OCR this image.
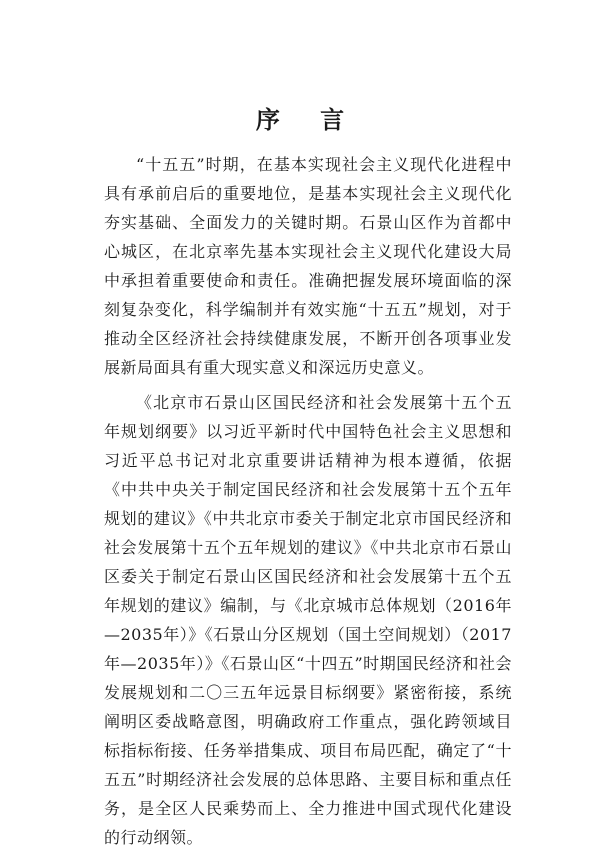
序 言

“十五五”时期，在基本实现社会主义现代化进程中具有承前启后的重要地位，是基本实现社会主义现代化夯实基础、全面发力的关键时期。石景山区作为首都中心城区，在北京率先基本实现社会主义现代化建设大局中承担着重要使命和责任。准确把握发展环境面临的深刻复杂变化，科学编制并有效实施“十五五”规划，对于推动全区经济社会持续健康发展，不断开创各项事业发展新局面具有重大现实意义和深远历史意义。

《北京市石景山区国民经济和社会发展第十五个五年规划纲要》以习近平新时代中国特色社会主义思想和习近平总书记对北京重要讲话精神为根本遵循，依据《中共中央关于制定国民经济和社会发展第十五个五年规划的建议》《中共北京市委关于制定北京市国民经济和社会发展第十五个五年规划的建议》《中共北京市石景山区委关于制定石景山区国民经济和社会发展第十五个五年规划的建议》编制，与《北京城市总体规划（2016年—2035年）》《石景山分区规划（国土空间规划）（2017年—2035年）》《石景山区“十四五”时期国民经济和社会发展规划和二〇三五年远景目标纲要》紧密衔接，系统阐明区委战略意图，明确政府工作重点，强化跨领域目标指标衔接、任务举措集成、项目布局匹配，确定了“十五五”时期经济社会发展的总体思路、主要目标和重点任务，是全区人民乘势而上、全力推进中国式现代化建设的行动纲领。
